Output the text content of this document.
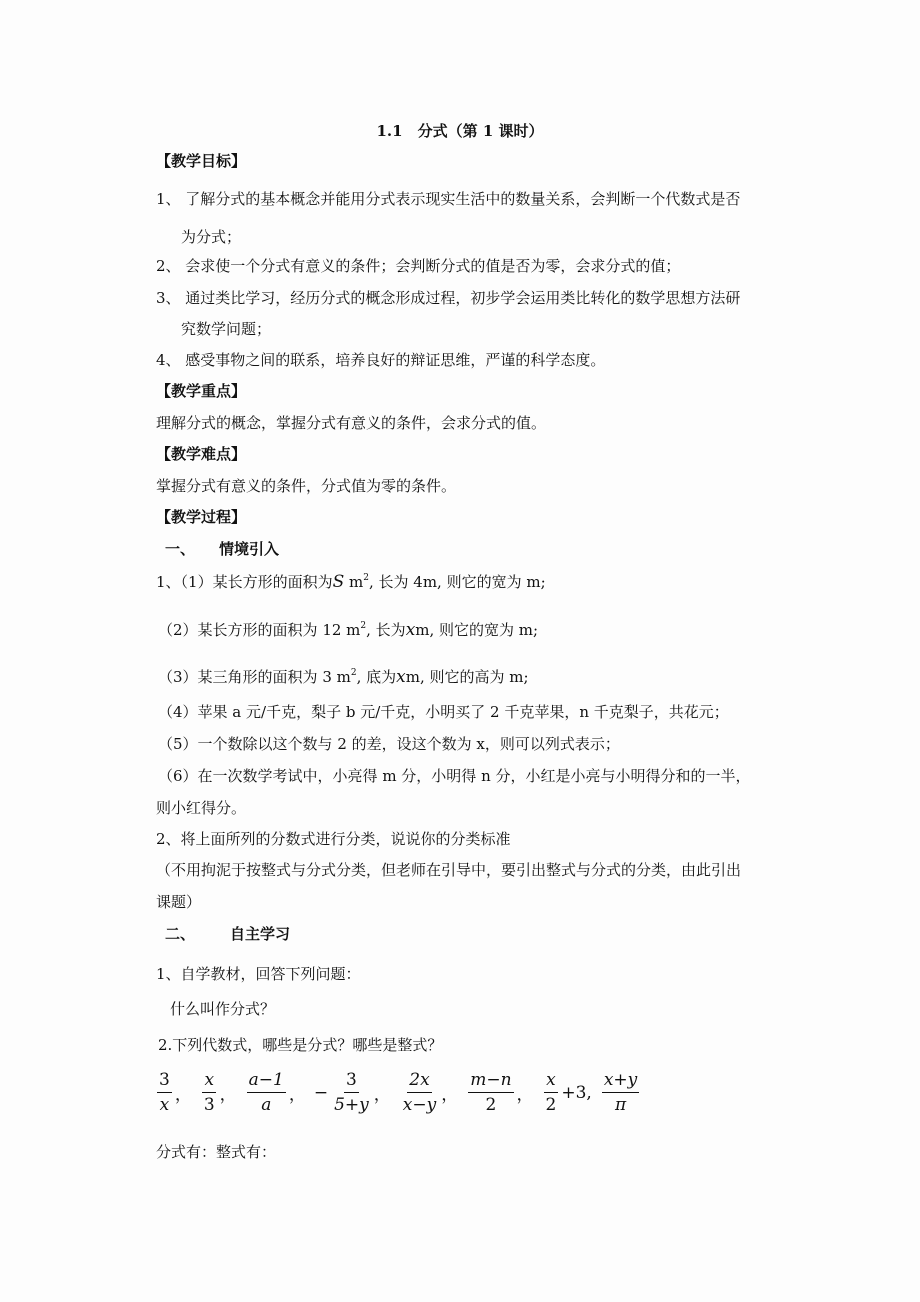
1.1　分式（第 1 课时）
【教学目标】
1、 了解分式的基本概念并能用分式表示现实生活中的数量关系，会判断一个代数式是否
为分式；
2、 会求使一个分式有意义的条件；会判断分式的值是否为零，会求分式的值；
3、 通过类比学习，经历分式的概念形成过程，初步学会运用类比转化的数学思想方法研
究数学问题；
4、 感受事物之间的联系，培养良好的辩证思维，严谨的科学态度。
【教学重点】
理解分式的概念，掌握分式有意义的条件，会求分式的值。
【教学难点】
掌握分式有意义的条件，分式值为零的条件。
【教学过程】
一、 情境引入
1、（1）某长方形的面积为S $m^2$, 长为 4m, 则它的宽为 m;
（2）某长方形的面积为 12 $m^2$, 长为xm, 则它的宽为 m;
（3）某三角形的面积为 3 $m^2$, 底为xm, 则它的高为 m;
（4）苹果 a 元/千克，梨子 b 元/千克，小明买了 2 千克苹果，n 千克梨子，共花元；
（5）一个数除以这个数与 2 的差，设这个数为 x，则可以列式表示；
（6）在一次数学考试中，小亮得 m 分，小明得 n 分，小红是小亮与小明得分和的一半，
则小红得分。
2、将上面所列的分数式进行分类，说说你的分类标准
（不用拘泥于按整式与分式分类，但老师在引导中，要引出整式与分式的分类，由此引出
课题）
二、 自主学习
1、自学教材，回答下列问题：
什么叫作分式？
2.下列代数式，哪些是分式？哪些是整式？
$\frac{3}{x}$ ， $\frac{x}{3}$ ， $\frac{a-1}{a}$ ， − $\frac{3}{5+y}$ ， $\frac{2x}{x-y}$ ， $\frac{m-n}{2}$ ， $\frac{x}{2} +3$, $\frac{x+y}{\pi}$
分式有：整式有：
